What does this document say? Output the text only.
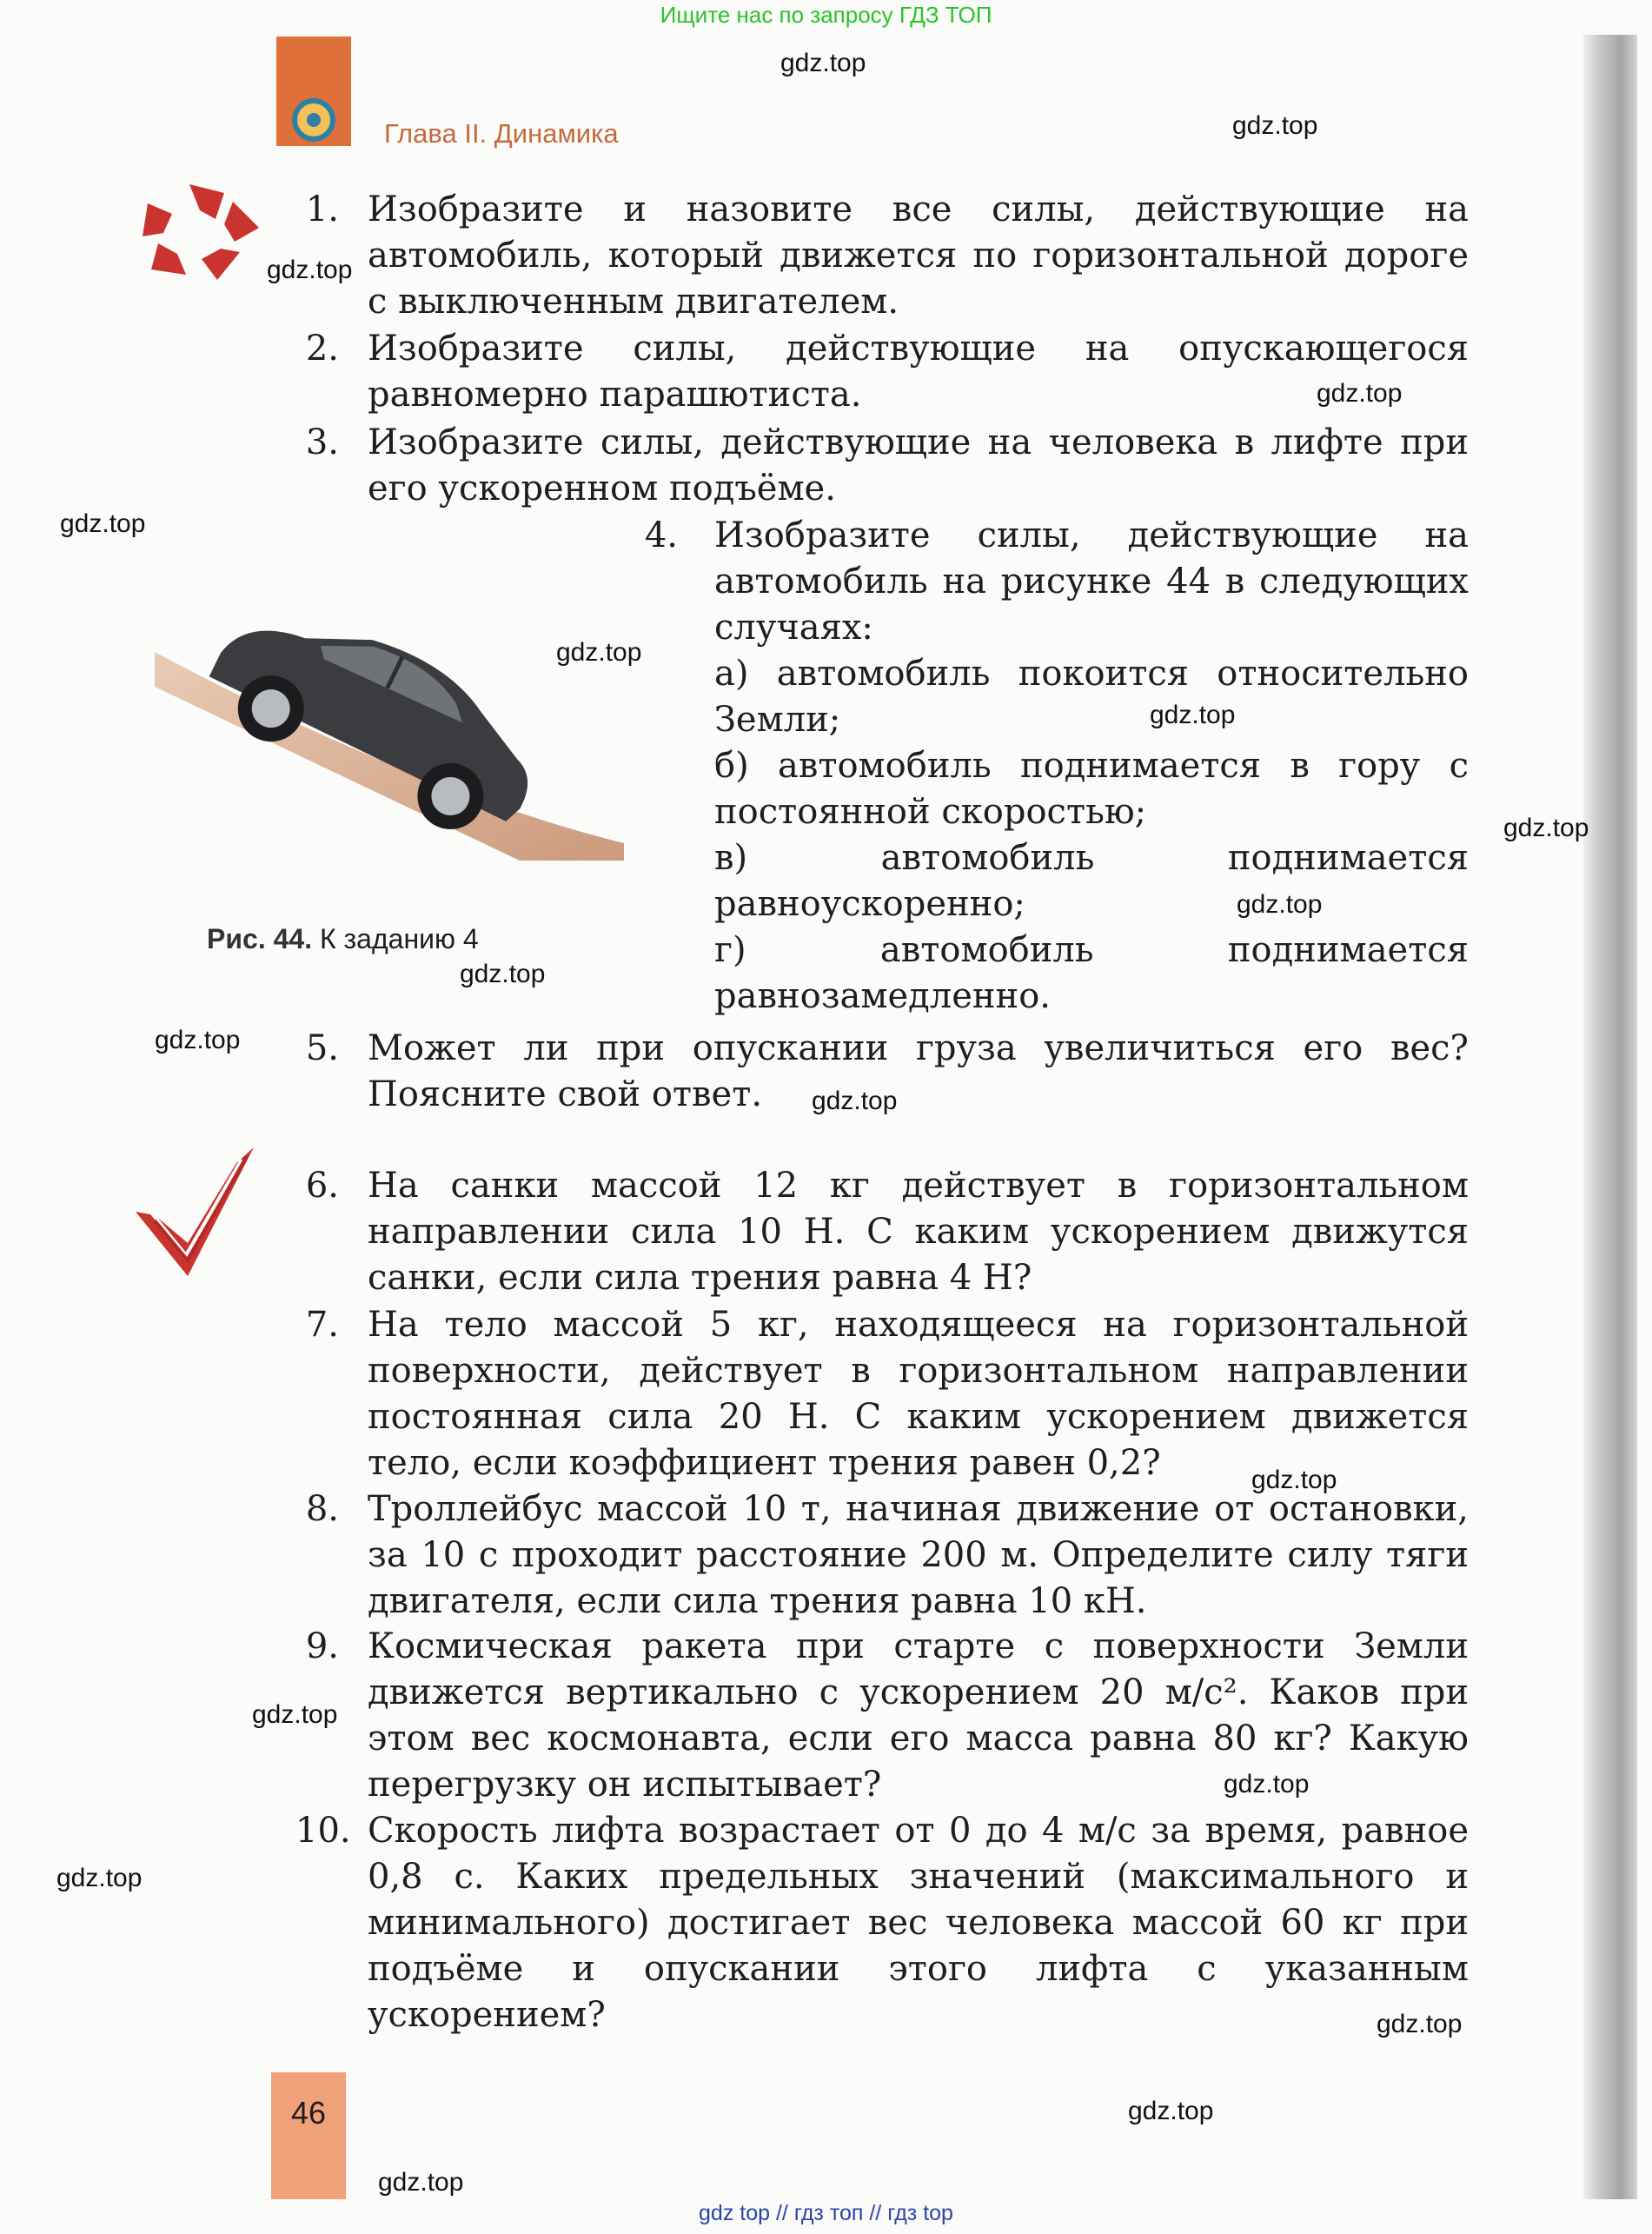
Ищите нас по запросу ГДЗ ТОП
Глава II. Динамика
1. Изобразите и назовите все силы, действующие на автомобиль, который движется по горизонтальной дороге с выключенным двигателем.
2. Изобразите силы, действующие на опускающегося равномерно парашютиста.
3. Изобразите силы, действующие на человека в лифте при его ускоренном подъёме.
Рис. 44. К заданию 4
4. Изобразите силы, действующие на автомобиль на рисунке 44 в следующих случаях:
а) автомобиль покоится относительно Земли;
б) автомобиль поднимается в гору с постоянной скоростью;
в) автомобиль поднимается равноускоренно;
г) автомобиль поднимается равнозамедленно.
5. Может ли при опускании груза увеличиться его вес? Поясните свой ответ.
6. На санки массой 12 кг действует в горизонтальном направлении сила 10 Н. С каким ускорением движутся санки, если сила трения равна 4 Н?
7. На тело массой 5 кг, находящееся на горизонтальной поверхности, действует в горизонтальном направлении постоянная сила 20 Н. С каким ускорением движется тело, если коэффициент трения равен 0,2?
8. Троллейбус массой 10 т, начиная движение от остановки, за 10 с проходит расстояние 200 м. Определите силу тяги двигателя, если сила трения равна 10 кН.
9. Космическая ракета при старте с поверхности Земли движется вертикально с ускорением 20 м/с². Каков при этом вес космонавта, если его масса равна 80 кг? Какую перегрузку он испытывает?
10. Скорость лифта возрастает от 0 до 4 м/с за время, равное 0,8 с. Каких предельных значений (максимального и минимального) достигает вес человека массой 60 кг при подъёме и опускании этого лифта с указанным ускорением?
46
gdz.top
gdz.top
gdz.top
gdz.top
gdz.top
gdz.top
gdz.top
gdz.top
gdz.top
gdz.top
gdz.top
gdz.top
gdz.top
gdz.top
gdz.top
gdz.top
gdz.top
gdz.top
gdz.top
gdz top // гдз топ // гдз top
